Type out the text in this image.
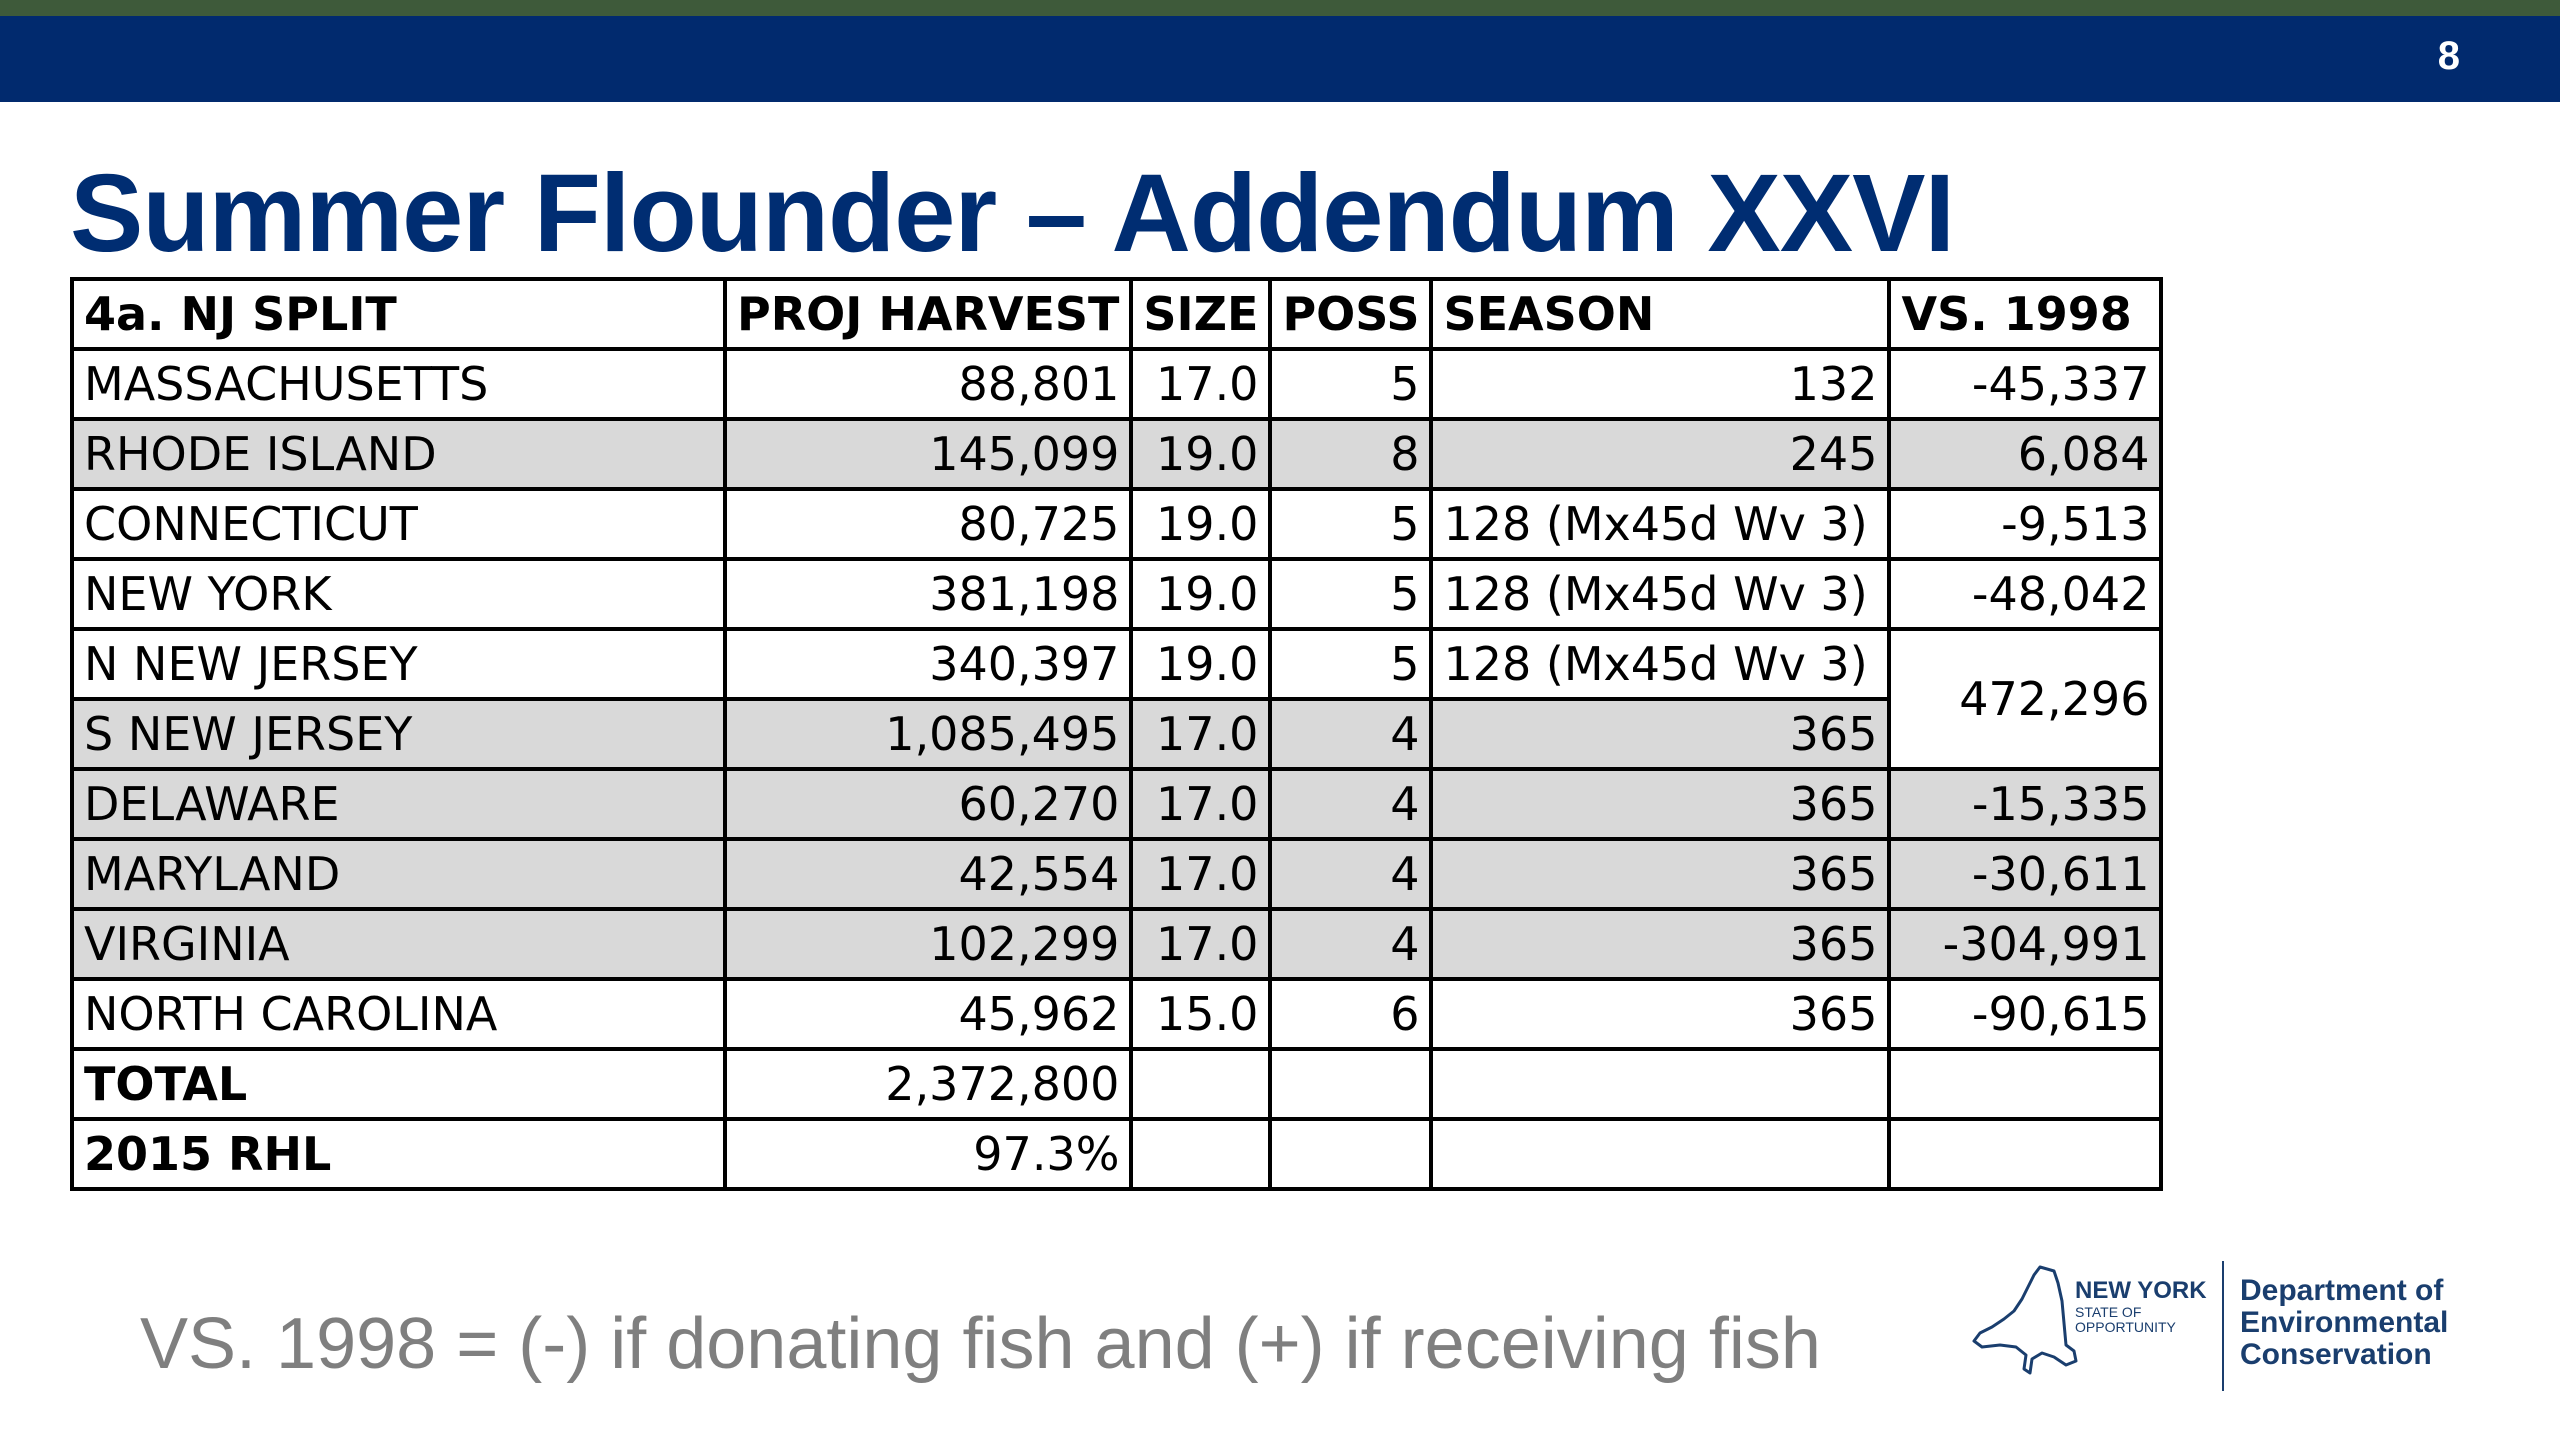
8
Summer Flounder – Addendum XXVI
4a. NJ SPLIT	PROJ HARVEST	SIZE	POSS	SEASON	VS. 1998
MASSACHUSETTS	88,801	17.0	5	132	-45,337
RHODE ISLAND	145,099	19.0	8	245	6,084
CONNECTICUT	80,725	19.0	5	128 (Mx45d Wv 3)	-9,513
NEW YORK	381,198	19.0	5	128 (Mx45d Wv 3)	-48,042
N NEW JERSEY	340,397	19.0	5	128 (Mx45d Wv 3)	472,296
S NEW JERSEY	1,085,495	17.0	4	365	
DELAWARE	60,270	17.0	4	365	-15,335
MARYLAND	42,554	17.0	4	365	-30,611
VIRGINIA	102,299	17.0	4	365	-304,991
NORTH CAROLINA	45,962	15.0	6	365	-90,615
TOTAL	2,372,800				
2015 RHL	97.3%				
VS. 1998 = (-) if donating fish and (+) if receiving fish
NEW YORK
STATE OF OPPORTUNITY
Department of Environmental Conservation
